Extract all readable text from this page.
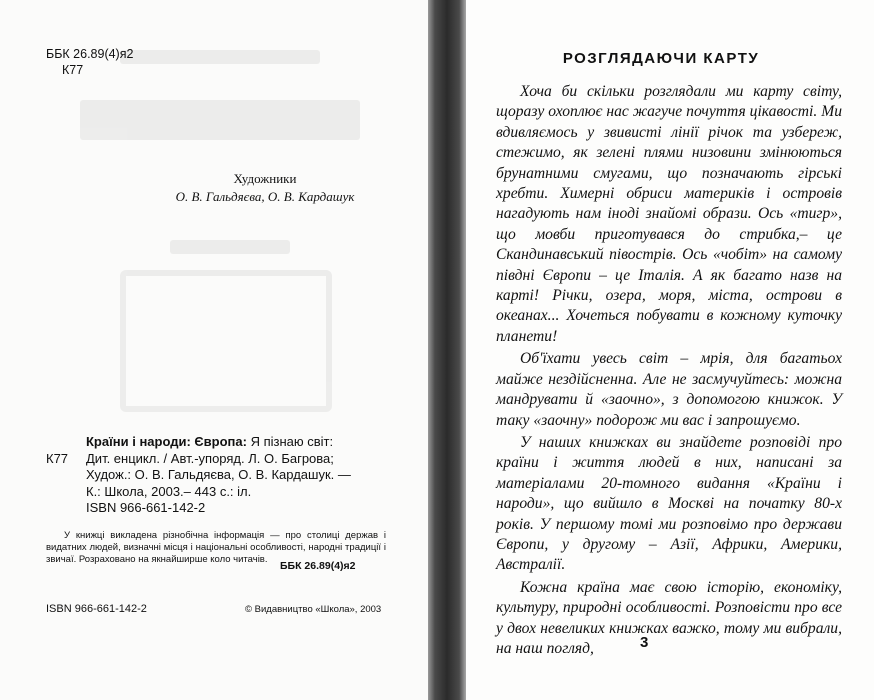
ББК 26.89(4)я2
К77
Художники
О. В. Гальдяєва, О. В. Кардашук
Країни і народи: Європа: Я пізнаю світ:
К77 Дит. енцикл. / Авт.-упоряд. Л. О. Багрова;
Худож.: О. В. Гальдяєва, О. В. Кардашук. —
К.: Школа, 2003.– 443 с.: іл.
ISBN 966-661-142-2
У книжці викладена різнобічна інформація — про столиці держав і видатних людей, визначні місця і національні особливості, народні традиції і звичаї. Розраховано на якнайширше коло читачів.
ББК 26.89(4)я2
ISBN 966-661-142-2	© Видавництво «Школа», 2003
РОЗГЛЯДАЮЧИ КАРТУ

Хоча би скільки розглядали ми карту світу, щоразу охоплює нас жагуче почуття цікавості. Ми вдивляємось у звивисті лінії річок та узбереж, стежимо, як зелені плями низовини змінюються брунатними смугами, що позначають гірські хребти. Химерні обриси материків і островів нагадують нам іноді знайомі образи. Ось «тигр», що мовби приготувався до стрибка,– це Скандинавський півострів. Ось «чобіт» на самому півдні Європи – це Італія. А як багато назв на карті! Річки, озера, моря, міста, острови в океанах... Хочеться побувати в кожному куточку планети!

Об'їхати увесь світ – мрія, для багатьох майже нездійсненна. Але не засмучуйтесь: можна мандрувати й «заочно», з допомогою книжок. У таку «заочну» подорож ми вас і запрошуємо.

У наших книжках ви знайдете розповіді про країни і життя людей в них, написані за матеріалами 20-томного видання «Країни і народи», що вийшло в Москві на початку 80-х років. У першому томі ми розповімо про держави Європи, у другому – Азії, Африки, Америки, Австралії.

Кожна країна має свою історію, економіку, культуру, природні особливості. Розповісти про все у двох невеликих книжках важко, тому ми вибрали, на наш погляд,	3
